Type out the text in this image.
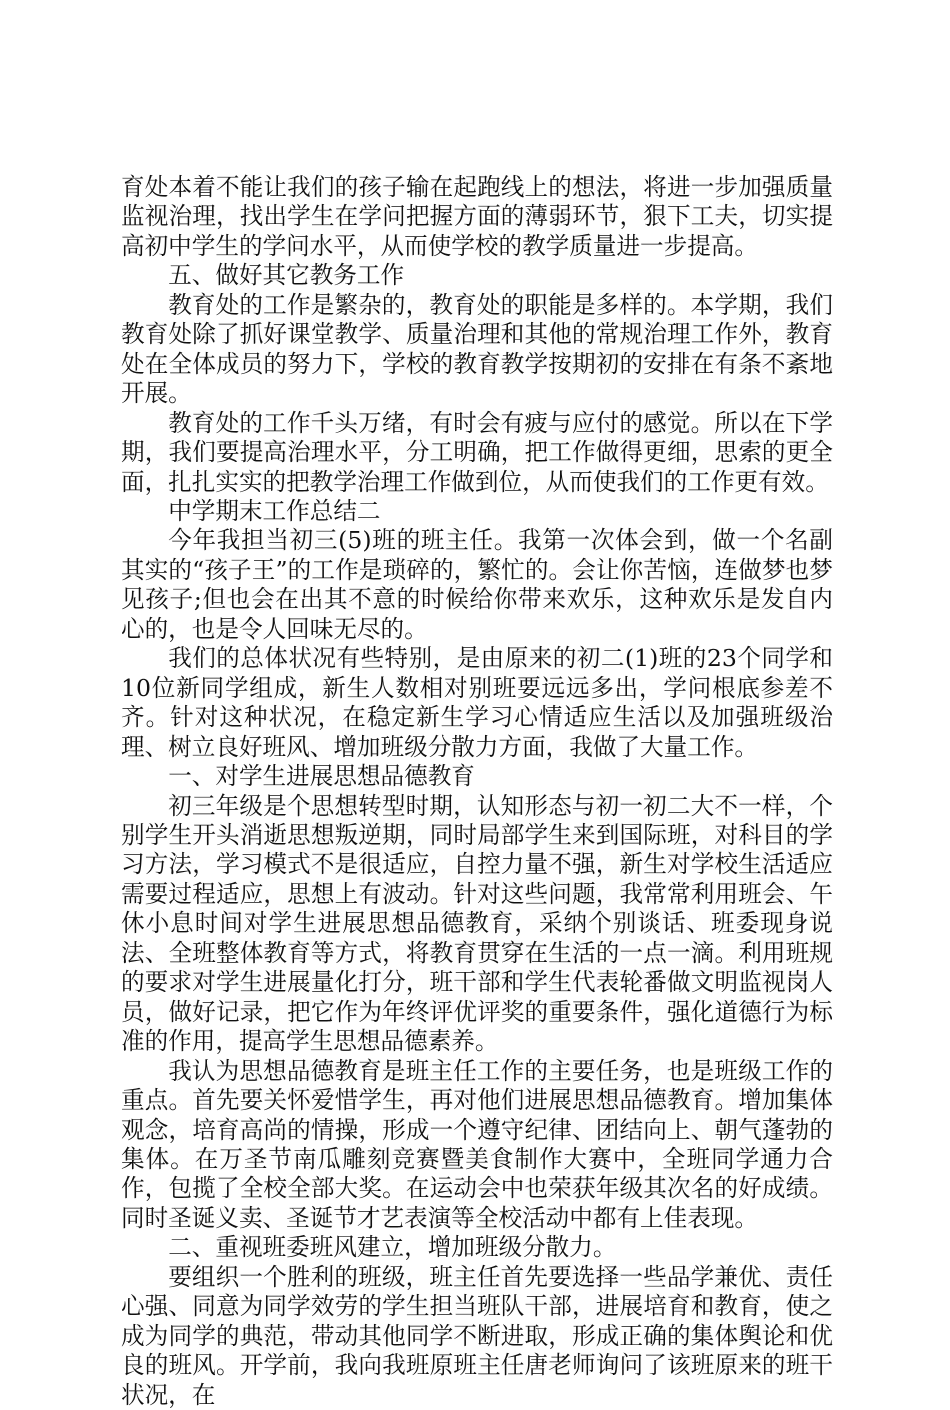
育处本着不能让我们的孩子输在起跑线上的想法，将进一步加强质量监视治理，找出学生在学问把握方面的薄弱环节，狠下工夫，切实提高初中学生的学问水平，从而使学校的教学质量进一步提高。

五、做好其它教务工作

教育处的工作是繁杂的，教育处的职能是多样的。本学期，我们教育处除了抓好课堂教学、质量治理和其他的常规治理工作外，教育处在全体成员的努力下，学校的教育教学按期初的安排在有条不紊地开展。

教育处的工作千头万绪，有时会有疲与应付的感觉。所以在下学期，我们要提高治理水平，分工明确，把工作做得更细，思索的更全面，扎扎实实的把教学治理工作做到位，从而使我们的工作更有效。

中学期末工作总结二

今年我担当初三(5)班的班主任。我第一次体会到，做一个名副其实的“孩子王”的工作是琐碎的，繁忙的。会让你苦恼，连做梦也梦见孩子;但也会在出其不意的时候给你带来欢乐，这种欢乐是发自内心的，也是令人回味无尽的。

我们的总体状况有些特别，是由原来的初二(1)班的23个同学和10位新同学组成，新生人数相对别班要远远多出，学问根底参差不齐。针对这种状况，在稳定新生学习心情适应生活以及加强班级治理、树立良好班风、增加班级分散力方面，我做了大量工作。

一、对学生进展思想品德教育

初三年级是个思想转型时期，认知形态与初一初二大不一样，个别学生开头消逝思想叛逆期，同时局部学生来到国际班，对科目的学习方法，学习模式不是很适应，自控力量不强，新生对学校生活适应需要过程适应，思想上有波动。针对这些问题，我常常利用班会、午休小息时间对学生进展思想品德教育，采纳个别谈话、班委现身说法、全班整体教育等方式，将教育贯穿在生活的一点一滴。利用班规的要求对学生进展量化打分，班干部和学生代表轮番做文明监视岗人员，做好记录，把它作为年终评优评奖的重要条件，强化道德行为标准的作用，提高学生思想品德素养。

我认为思想品德教育是班主任工作的主要任务，也是班级工作的重点。首先要关怀爱惜学生，再对他们进展思想品德教育。增加集体观念，培育高尚的情操，形成一个遵守纪律、团结向上、朝气蓬勃的集体。在万圣节南瓜雕刻竞赛暨美食制作大赛中，全班同学通力合作，包揽了全校全部大奖。在运动会中也荣获年级其次名的好成绩。同时圣诞义卖、圣诞节才艺表演等全校活动中都有上佳表现。

二、重视班委班风建立，增加班级分散力。

要组织一个胜利的班级，班主任首先要选择一些品学兼优、责任心强、同意为同学效劳的学生担当班队干部，进展培育和教育，使之成为同学的典范，带动其他同学不断进取，形成正确的集体舆论和优良的班风。开学前，我向我班原班主任唐老师询问了该班原来的班干状况，在
